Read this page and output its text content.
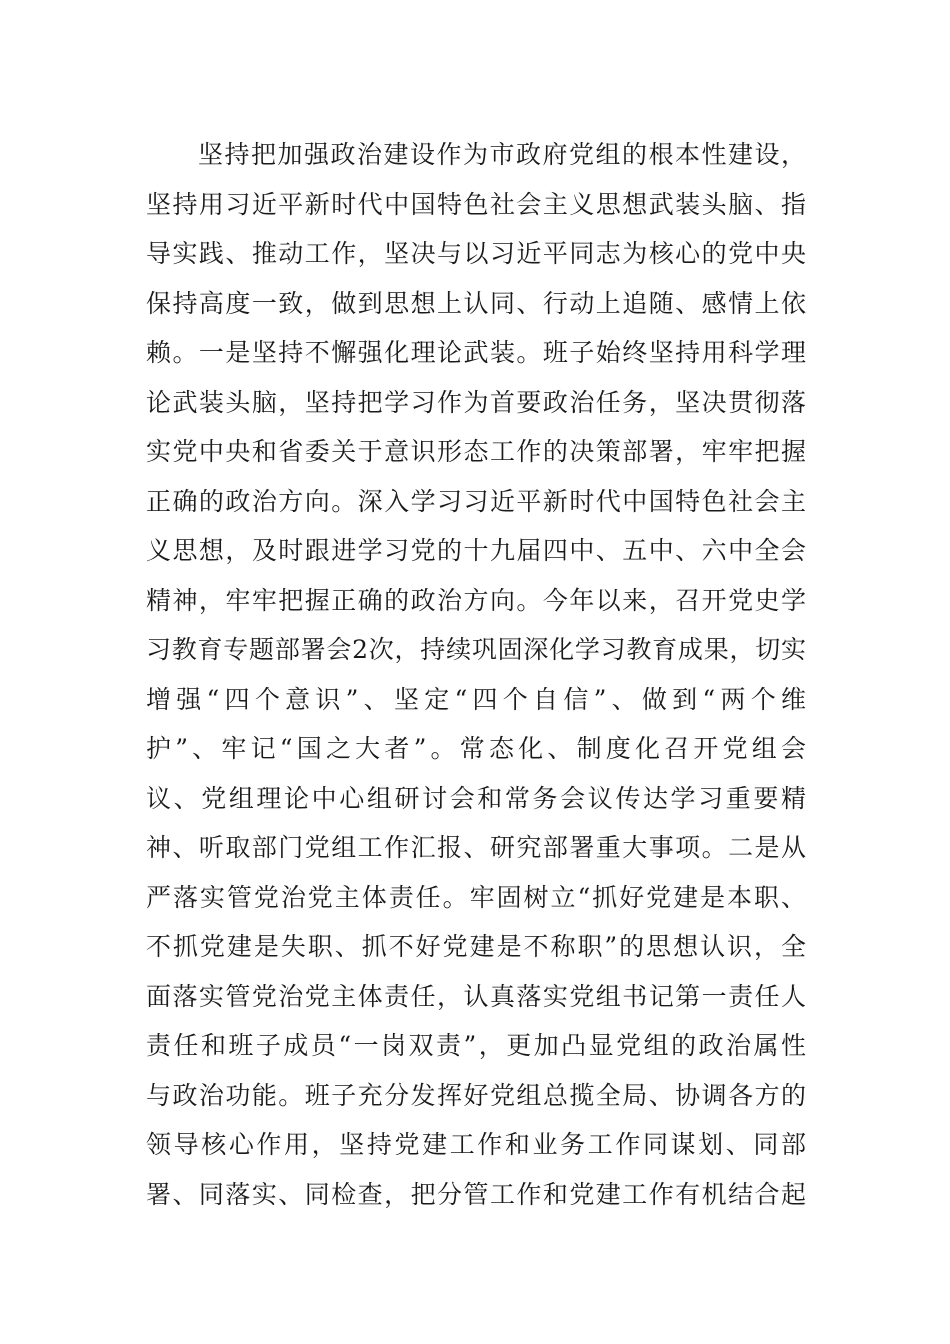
坚持把加强政治建设作为市政府党组的根本性建设，
坚持用习近平新时代中国特色社会主义思想武装头脑、指
导实践、推动工作，坚决与以习近平同志为核心的党中央
保持高度一致，做到思想上认同、行动上追随、感情上依
赖。一是坚持不懈强化理论武装。班子始终坚持用科学理
论武装头脑，坚持把学习作为首要政治任务，坚决贯彻落
实党中央和省委关于意识形态工作的决策部署，牢牢把握
正确的政治方向。深入学习习近平新时代中国特色社会主
义思想，及时跟进学习党的十九届四中、五中、六中全会
精神，牢牢把握正确的政治方向。今年以来，召开党史学
习教育专题部署会2次，持续巩固深化学习教育成果，切实
增强“四个意识”、坚定“四个自信”、做到“两个维
护”、牢记“国之大者”。常态化、制度化召开党组会
议、党组理论中心组研讨会和常务会议传达学习重要精
神、听取部门党组工作汇报、研究部署重大事项。二是从
严落实管党治党主体责任。牢固树立“抓好党建是本职、
不抓党建是失职、抓不好党建是不称职”的思想认识，全
面落实管党治党主体责任，认真落实党组书记第一责任人
责任和班子成员“一岗双责”，更加凸显党组的政治属性
与政治功能。班子充分发挥好党组总揽全局、协调各方的
领导核心作用，坚持党建工作和业务工作同谋划、同部
署、同落实、同检查，把分管工作和党建工作有机结合起
